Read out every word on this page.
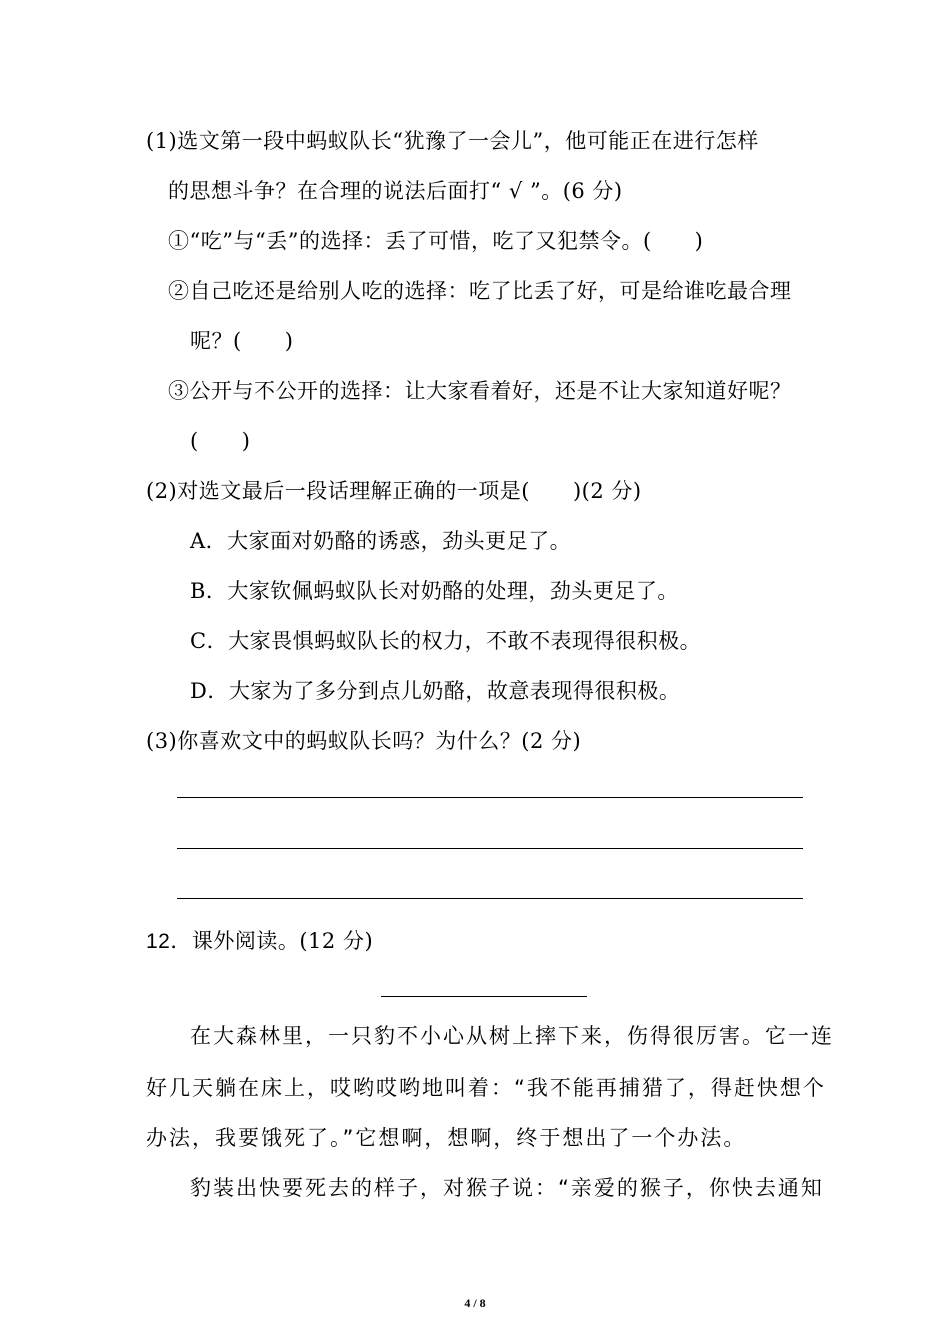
(1)选文第一段中蚂蚁队长“犹豫了一会儿”，他可能正在进行怎样
的思想斗争？在合理的说法后面打“ √ ”。(6 分)
①“吃”与“丢”的选择：丢了可惜，吃了又犯禁令。(　　)
②自己吃还是给别人吃的选择：吃了比丢了好，可是给谁吃最合理
呢？(　　)
③公开与不公开的选择：让大家看着好，还是不让大家知道好呢？
(　　)
(2)对选文最后一段话理解正确的一项是(　　)(2 分)
A．大家面对奶酪的诱惑，劲头更足了。
B．大家钦佩蚂蚁队长对奶酪的处理，劲头更足了。
C．大家畏惧蚂蚁队长的权力，不敢不表现得很积极。
D．大家为了多分到点儿奶酪，故意表现得很积极。
(3)你喜欢文中的蚂蚁队长吗？为什么？(2 分)
12．课外阅读。(12 分)
在大森林里，一只豹不小心从树上摔下来，伤得很厉害。它一连
好几天躺在床上，哎哟哎哟地叫着：“我不能再捕猎了，得赶快想个
办法，我要饿死了。”它想啊，想啊，终于想出了一个办法。
豹装出快要死去的样子，对猴子说：“亲爱的猴子，你快去通知
4 / 8
